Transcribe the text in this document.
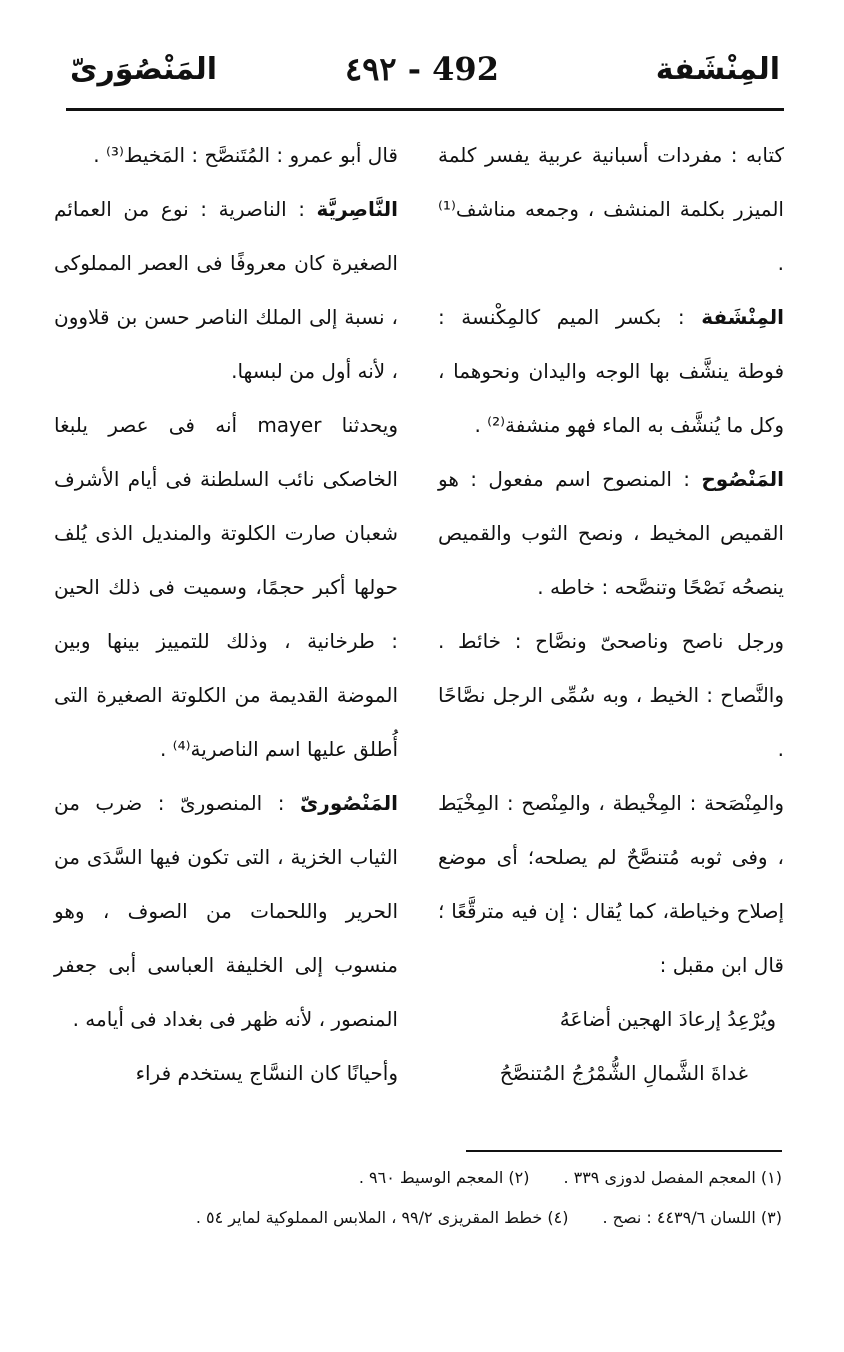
المِنْشَفة
٤٩٢ - 492
المَنْصُوَرىّ

كتابه : مفردات أسبانية عربية يفسر كلمة الميزر بكلمة المنشف ، وجمعه مناشف⁽¹⁾ .

المِنْشَفة : بكسر الميم كالمِكْنسة : فوطة ينشَّف بها الوجه واليدان ونحوهما ، وكل ما يُنشَّف به الماء فهو منشفة⁽²⁾ .

المَنْصُوح : المنصوح اسم مفعول : هو القميص المخيط ، ونصح الثوب والقميص ينصحُه نَصْحًا وتنصَّحه : خاطه .

ورجل ناصح وناصحىّ ونصَّاح : خائط . والنَّصاح : الخيط ، وبه سُمِّى الرجل نصَّاحًا .

والمِنْصَحة : المِخْيطة ، والمِنْصح : المِخْيَط ، وفى ثوبه مُتنصَّحٌ لم يصلحه؛ أى موضع إصلاح وخياطة، كما يُقال : إن فيه مترقَّعًا ؛ قال ابن مقبل :

ويُرْعِدُ إرعادَ الهجين أضاعَهُ

غداةَ الشَّمالِ الشُّمْرُجُ المُتنصَّحُ

قال أبو عمرو : المُتَنصَّح : المَخيط⁽³⁾ .

النَّاصِريَّة : الناصرية : نوع من العمائم الصغيرة كان معروفًا فى العصر المملوكى ، نسبة إلى الملك الناصر حسن بن قلاوون ، لأنه أول من لبسها.

ويحدثنا mayer أنه فى عصر يلبغا الخاصكى نائب السلطنة فى أيام الأشرف شعبان صارت الكلوتة والمنديل الذى يُلف حولها أكبر حجمًا، وسميت فى ذلك الحين : طرخانية ، وذلك للتمييز بينها وبين الموضة القديمة من الكلوتة الصغيرة التى أُطلق عليها اسم الناصرية⁽⁴⁾ .

المَنْصُورىّ : المنصورىّ : ضرب من الثياب الخزية ، التى تكون فيها السَّدَى من الحرير واللحمات من الصوف ، وهو منسوب إلى الخليفة العباسى أبى جعفر المنصور ، لأنه ظهر فى بغداد فى أيامه .

وأحيانًا كان النسَّاج يستخدم فراء

(١) المعجم المفصل لدوزى ٣٣٩ .(٢) المعجم الوسيط ٩٦٠ .
(٣) اللسان ٤٤٣٩/٦ : نصح .(٤) خطط المقريزى ٩٩/٢ ، الملابس المملوكية لماير ٥٤ .
